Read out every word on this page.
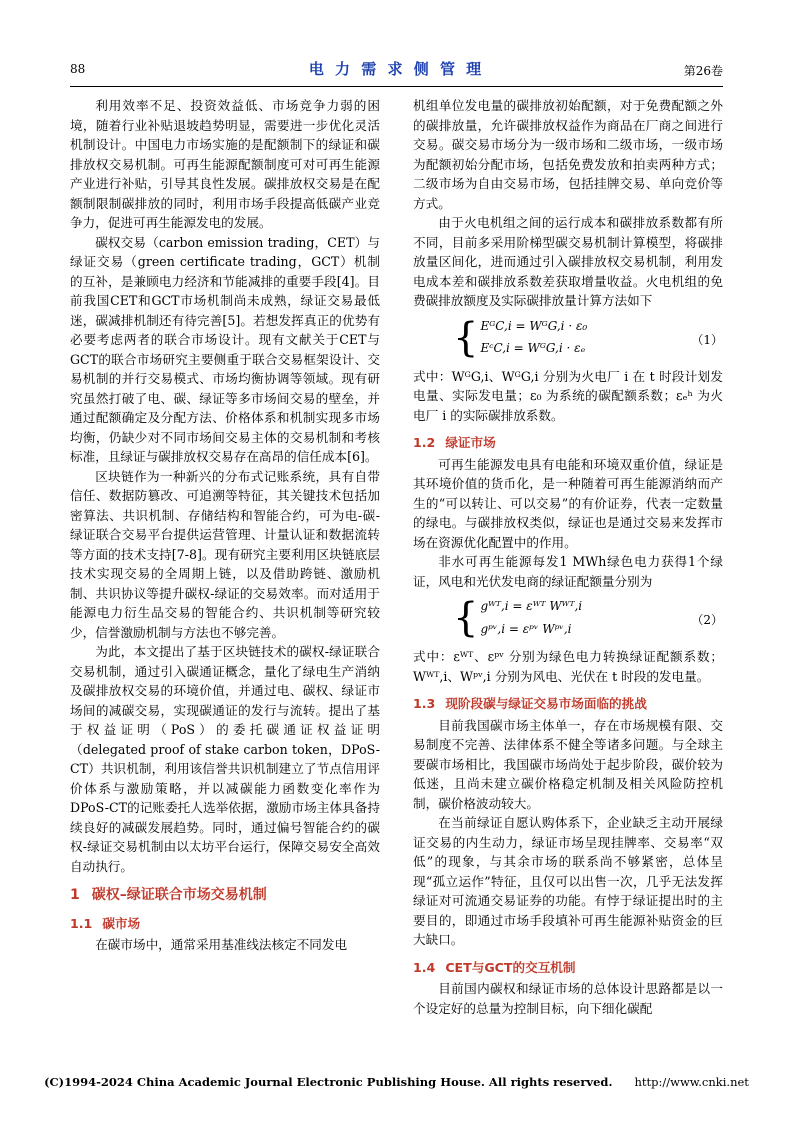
88	电 力 需 求 侧 管 理	第26卷

利用效率不足、投资效益低、市场竞争力弱的困境，随着行业补贴退坡趋势明显，需要进一步优化灵活机制设计。中国电力市场实施的是配额制下的绿证和碳排放权交易机制。可再生能源配额制度可对可再生能源产业进行补贴，引导其良性发展。碳排放权交易是在配额制限制碳排放的同时，利用市场手段提高低碳产业竞争力，促进可再生能源发电的发展。

碳权交易（carbon emission trading，CET）与绿证交易（green certificate trading，GCT）机制的互补，是兼顾电力经济和节能减排的重要手段[4]。目前我国CET和GCT市场机制尚未成熟，绿证交易最低迷，碳减排机制还有待完善[5]。若想发挥真正的优势有必要考虑两者的联合市场设计。现有文献关于CET与GCT的联合市场研究主要侧重于联合交易框架设计、交易机制的并行交易模式、市场均衡协调等领域。现有研究虽然打破了电、碳、绿证等多市场间交易的壁垒，并通过配额确定及分配方法、价格体系和机制实现多市场均衡，仍缺少对不同市场间交易主体的交易机制和考核标准，且绿证与碳排放权交易存在高昂的信任成本[6]。

区块链作为一种新兴的分布式记账系统，具有自带信任、数据防篡改、可追溯等特征，其关键技术包括加密算法、共识机制、存储结构和智能合约，可为电-碳-绿证联合交易平台提供运营管理、计量认证和数据流转等方面的技术支持[7-8]。现有研究主要利用区块链底层技术实现交易的全周期上链，以及借助跨链、激励机制、共识协议等提升碳权-绿证的交易效率。而对适用于能源电力衍生品交易的智能合约、共识机制等研究较少，信誉激励机制与方法也不够完善。

为此，本文提出了基于区块链技术的碳权-绿证联合交易机制，通过引入碳通证概念，量化了绿电生产消纳及碳排放权交易的环境价值，并通过电、碳权、绿证市场间的减碳交易，实现碳通证的发行与流转。提出了基于权益证明（PoS）的委托碳通证权益证明（delegated proof of stake carbon token，DPoS-CT）共识机制，利用该信誉共识机制建立了节点信用评价体系与激励策略，并以减碳能力函数变化率作为DPoS-CT的记账委托人选举依据，激励市场主体具备持续良好的减碳发展趋势。同时，通过偏号智能合约的碳权-绿证交易机制由以太坊平台运行，保障交易安全高效自动执行。

1 碳权–绿证联合市场交易机制
1.1 碳市场

在碳市场中，通常采用基准线法核定不同发电

机组单位发电量的碳排放初始配额，对于免费配额之外的碳排放量，允许碳排放权益作为商品在厂商之间进行交易。碳交易市场分为一级市场和二级市场，一级市场为配额初始分配市场，包括免费发放和拍卖两种方式；二级市场为自由交易市场，包括挂牌交易、单向竞价等方式。

由于火电机组之间的运行成本和碳排放系数都有所不同，目前多采用阶梯型碳交易机制计算模型，将碳排放量区间化，进而通过引入碳排放权交易机制，利用发电成本差和碳排放系数差获取增量收益。火电机组的免费碳排放额度及实际碳排放量计算方法如下

{ EᴳC,i = WᴳG,i · ε₀
EᶜC,i = WᴳG,i · εₑ
（1）

式中：WᴳG,i、WᴳG,i 分别为火电厂 i 在 t 时段计划发电量、实际发电量；ε₀ 为系统的碳配额系数；εₑʰ 为火电厂 i 的实际碳排放系数。

1.2 绿证市场

可再生能源发电具有电能和环境双重价值，绿证是其环境价值的货币化，是一种随着可再生能源消纳而产生的“可以转让、可以交易”的有价证券，代表一定数量的绿电。与碳排放权类似，绿证也是通过交易来发挥市场在资源优化配置中的作用。

非水可再生能源每发1 MWh绿色电力获得1个绿证，风电和光伏发电商的绿证配额量分别为

{ gᵂᵀ,i = εᵂᵀ Wᵂᵀ,i
gᵖᵛ,i = εᵖᵛ Wᵖᵛ,i
（2）

式中：εᵂᵀ、εᵖᵛ 分别为绿色电力转换绿证配额系数；Wᵂᵀ,i、Wᵖᵛ,i 分别为风电、光伏在 t 时段的发电量。

1.3 现阶段碳与绿证交易市场面临的挑战

目前我国碳市场主体单一，存在市场规模有限、交易制度不完善、法律体系不健全等诸多问题。与全球主要碳市场相比，我国碳市场尚处于起步阶段，碳价较为低迷，且尚未建立碳价格稳定机制及相关风险防控机制，碳价格波动较大。

在当前绿证自愿认购体系下，企业缺乏主动开展绿证交易的内生动力，绿证市场呈现挂牌率、交易率“双低”的现象，与其余市场的联系尚不够紧密，总体呈现“孤立运作”特征，且仅可以出售一次，几乎无法发挥绿证对可流通交易证券的功能。有悖于绿证提出时的主要目的，即通过市场手段填补可再生能源补贴资金的巨大缺口。

1.4 CET与GCT的交互机制

目前国内碳权和绿证市场的总体设计思路都是以一个设定好的总量为控制目标，向下细化碳配

(C)1994-2024 China Academic Journal Electronic Publishing House. All rights reserved. http://www.cnki.net
